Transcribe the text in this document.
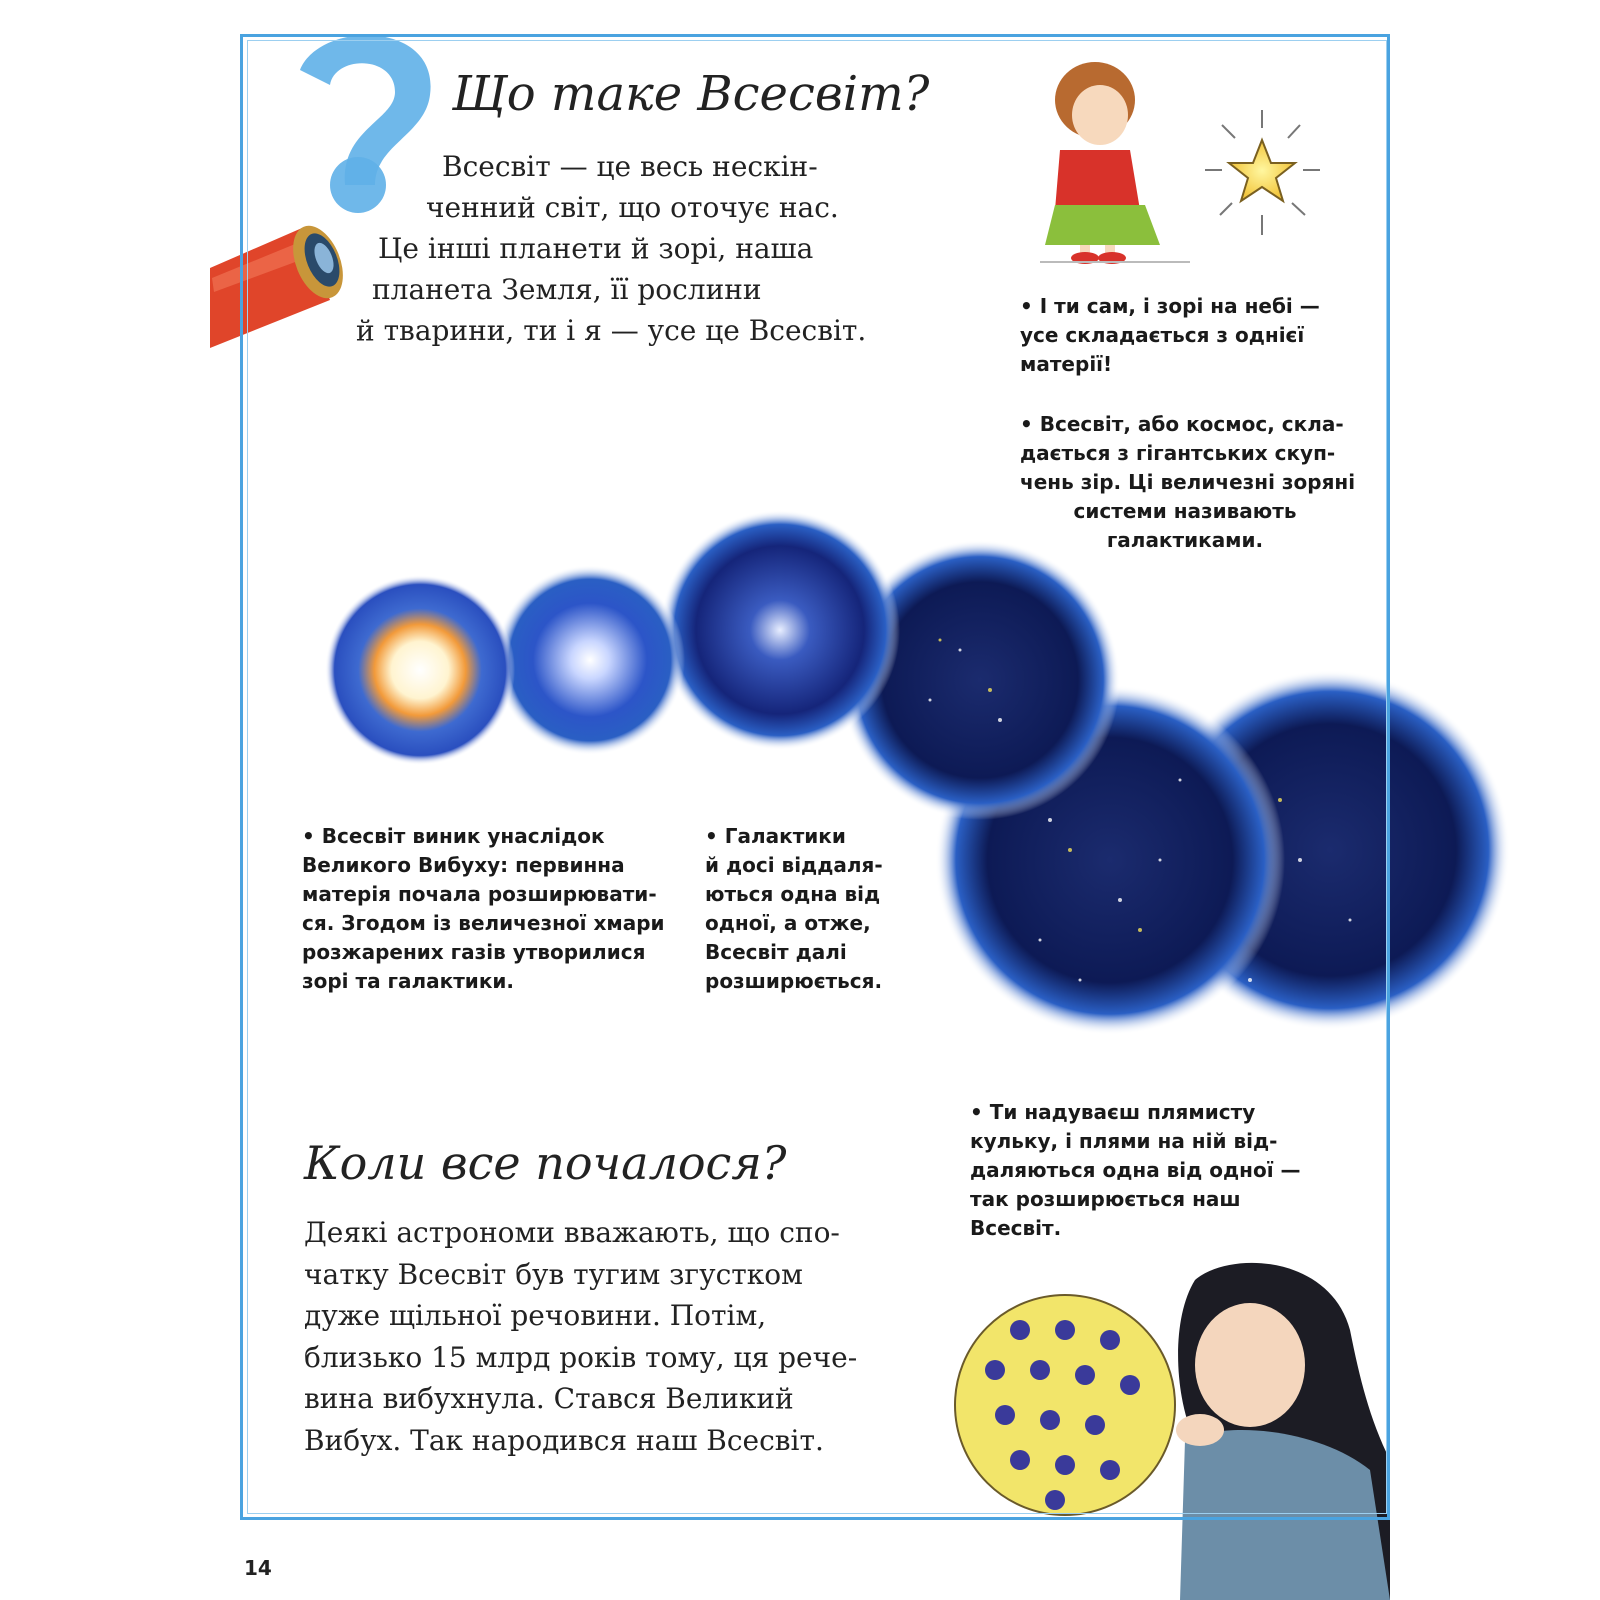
Що таке Всесвіт?
Всесвіт — це весь нескін-
ченний світ, що оточує нас.
Це інші планети й зорі, наша
планета Земля, її рослини
й тварини, ти і я — усе це Всесвіт.
• І ти сам, і зорі на небі —
усе складається з однієї
матерії!
• Всесвіт, або космос, скла-
дається з гігантських скуп-
чень зір. Ці величезні зоряні
системи називають
галактиками.
• Всесвіт виник унаслідок
Великого Вибуху: первинна
матерія почала розширювати-
ся. Згодом із величезної хмари
розжарених газів утворилися
зорі та галактики.
• Галактики
й досі віддаля-
ються одна від
одної, а отже,
Всесвіт далі
розширюється.
• Ти надуваєш плямисту
кульку, і плями на ній від-
даляються одна від одної —
так розширюється наш
Всесвіт.
Коли все почалося?
Деякі астрономи вважають, що спо-
чатку Всесвіт був тугим згустком
дуже щільної речовини. Потім,
близько 15 млрд років тому, ця рече-
вина вибухнула. Стався Великий
Вибух. Так народився наш Всесвіт.
14
